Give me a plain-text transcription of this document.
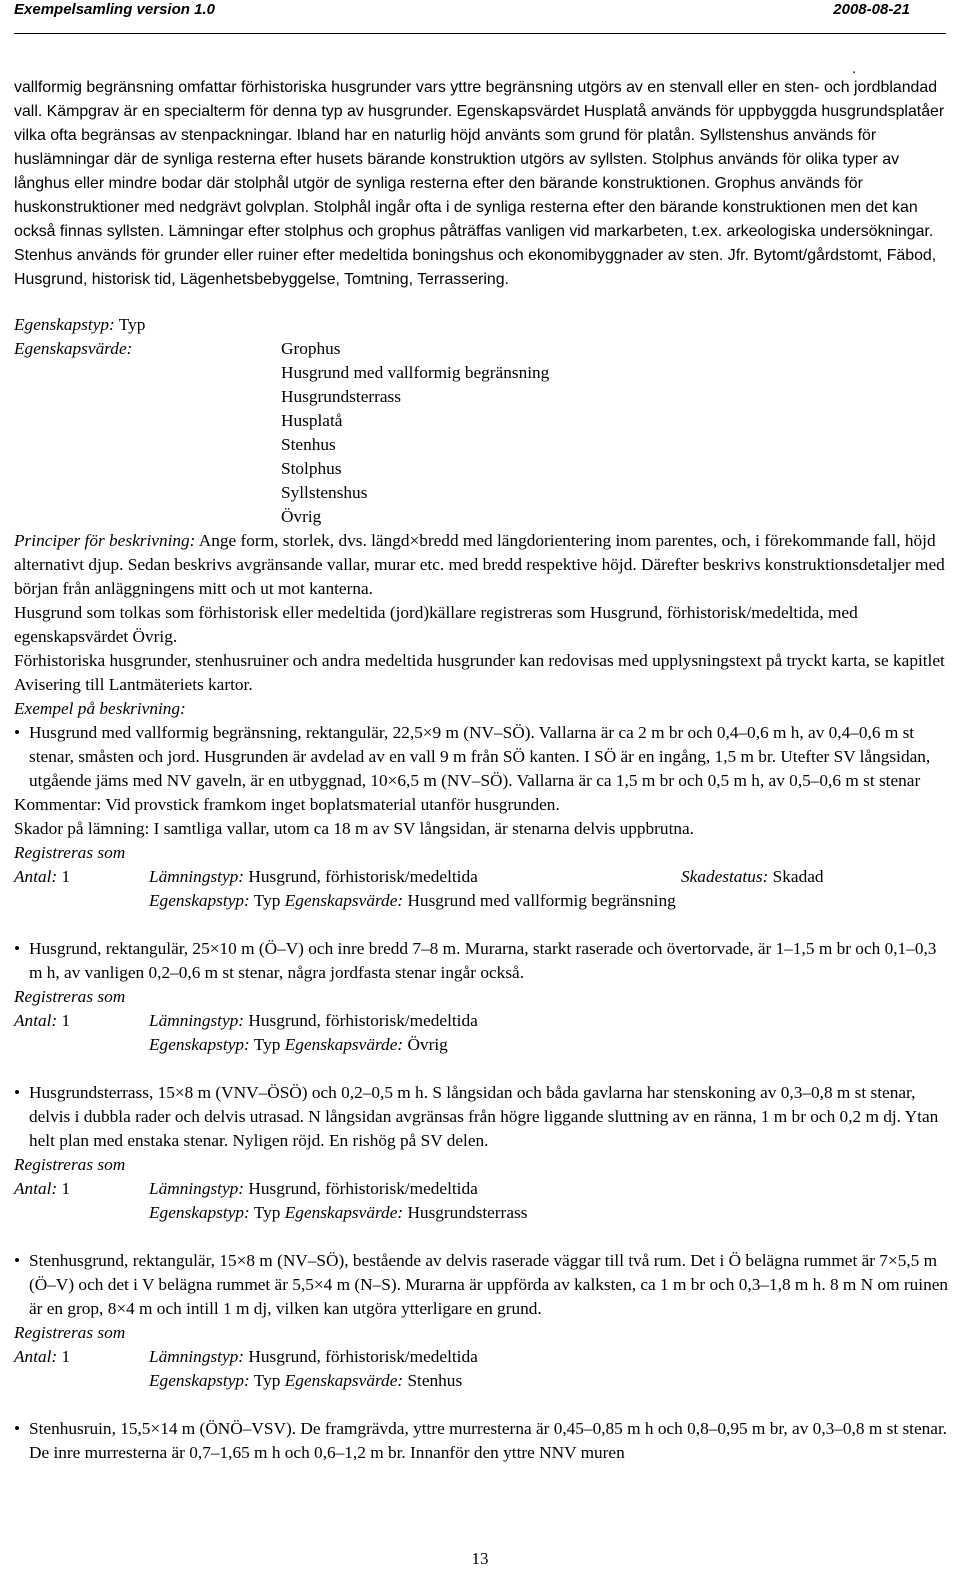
Exempelsamling version 1.0	2008-08-21
.

vallformig begränsning omfattar förhistoriska husgrunder vars yttre begränsning utgörs av en stenvall eller en sten- och jordblandad vall. Kämpgrav är en specialterm för denna typ av husgrunder. Egenskapsvärdet Husplatå används för uppbyggda husgrundsplatåer vilka ofta begränsas av stenpackningar. Ibland har en naturlig höjd använts som grund för platån. Syllstenshus används för huslämningar där de synliga resterna efter husets bärande konstruktion utgörs av syllsten. Stolphus används för olika typer av långhus eller mindre bodar där stolphål utgör de synliga resterna efter den bärande konstruktionen. Grophus används för huskonstruktioner med nedgrävt golvplan. Stolphål ingår ofta i de synliga resterna efter den bärande konstruktionen men det kan också finnas syllsten. Lämningar efter stolphus och grophus påträffas vanligen vid markarbeten, t.ex. arkeologiska undersökningar. Stenhus används för grunder eller ruiner efter medeltida boningshus och ekonomibyggnader av sten. Jfr. Bytomt/gårdstomt, Fäbod, Husgrund, historisk tid, Lägenhetsbebyggelse, Tomtning, Terrassering.

Egenskapstyp: Typ

Egenskapsvärde:	Grophus
Husgrund med vallformig begränsning
Husgrundsterrass
Husplatå
Stenhus
Stolphus
Syllstenshus
Övrig

Principer för beskrivning: Ange form, storlek, dvs. längd×bredd med längdorientering inom parentes, och, i förekommande fall, höjd alternativt djup. Sedan beskrivs avgränsande vallar, murar etc. med bredd respektive höjd. Därefter beskrivs konstruktionsdetaljer med början från anläggningens mitt och ut mot kanterna.

Husgrund som tolkas som förhistorisk eller medeltida (jord)källare registreras som Husgrund, förhistorisk/medeltida, med egenskapsvärdet Övrig.

Förhistoriska husgrunder, stenhusruiner och andra medeltida husgrunder kan redovisas med upplysningstext på tryckt karta, se kapitlet Avisering till Lantmäteriets kartor.

Exempel på beskrivning:

• Husgrund med vallformig begränsning, rektangulär, 22,5×9 m (NV–SÖ). Vallarna är ca 2 m br och 0,4–0,6 m h, av 0,4–0,6 m st stenar, småsten och jord. Husgrunden är avdelad av en vall 9 m från SÖ kanten. I SÖ är en ingång, 1,5 m br. Utefter SV långsidan, utgående jäms med NV gaveln, är en utbyggnad, 10×6,5 m (NV–SÖ). Vallarna är ca 1,5 m br och 0,5 m h, av 0,5–0,6 m st stenar

Kommentar: Vid provstick framkom inget boplatsmaterial utanför husgrunden.

Skador på lämning: I samtliga vallar, utom ca 18 m av SV långsidan, är stenarna delvis uppbrutna.

Registreras som

Antal: 1	Lämningstyp: Husgrund, förhistorisk/medeltida	Skadestatus: Skadad
Egenskapstyp: Typ Egenskapsvärde: Husgrund med vallformig begränsning
• Husgrund, rektangulär, 25×10 m (Ö–V) och inre bredd 7–8 m. Murarna, starkt raserade och övertorvade, är 1–1,5 m br och 0,1–0,3 m h, av vanligen 0,2–0,6 m st stenar, några jordfasta stenar ingår också.

Registreras som

Antal: 1	Lämningstyp: Husgrund, förhistorisk/medeltida
Egenskapstyp: Typ Egenskapsvärde: Övrig
• Husgrundsterrass, 15×8 m (VNV–ÖSÖ) och 0,2–0,5 m h. S långsidan och båda gavlarna har stenskoning av 0,3–0,8 m st stenar, delvis i dubbla rader och delvis utrasad. N långsidan avgränsas från högre liggande sluttning av en ränna, 1 m br och 0,2 m dj. Ytan helt plan med enstaka stenar. Nyligen röjd. En rishög på SV delen.

Registreras som

Antal: 1	Lämningstyp: Husgrund, förhistorisk/medeltida
Egenskapstyp: Typ Egenskapsvärde: Husgrundsterrass
• Stenhusgrund, rektangulär, 15×8 m (NV–SÖ), bestående av delvis raserade väggar till två rum. Det i Ö belägna rummet är 7×5,5 m (Ö–V) och det i V belägna rummet är 5,5×4 m (N–S). Murarna är uppförda av kalksten, ca 1 m br och 0,3–1,8 m h. 8 m N om ruinen är en grop, 8×4 m och intill 1 m dj, vilken kan utgöra ytterligare en grund.

Registreras som

Antal: 1	Lämningstyp: Husgrund, förhistorisk/medeltida
Egenskapstyp: Typ Egenskapsvärde: Stenhus
• Stenhusruin, 15,5×14 m (ÖNÖ–VSV). De framgrävda, yttre murresterna är 0,45–0,85 m h och 0,8–0,95 m br, av 0,3–0,8 m st stenar. De inre murresterna är 0,7–1,65 m h och 0,6–1,2 m br. Innanför den yttre NNV muren

13
